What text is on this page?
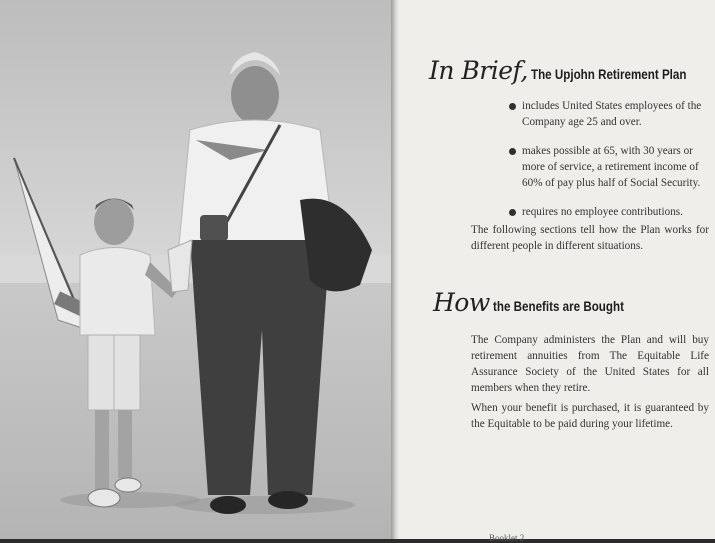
In Brief, The Upjohn Retirement Plan
includes United States employees of the Company age 25 and over.
makes possible at 65, with 30 years or more of service, a retirement income of 60% of pay plus half of Social Security.
requires no employee contributions.

The following sections tell how the Plan works for different people in different situations.

How the Benefits are Bought

The Company administers the Plan and will buy retirement annuities from The Equitable Life Assurance Society of the United States for all members when they retire.

When your benefit is purchased, it is guaranteed by the Equitable to be paid during your lifetime.

Booklet 2
